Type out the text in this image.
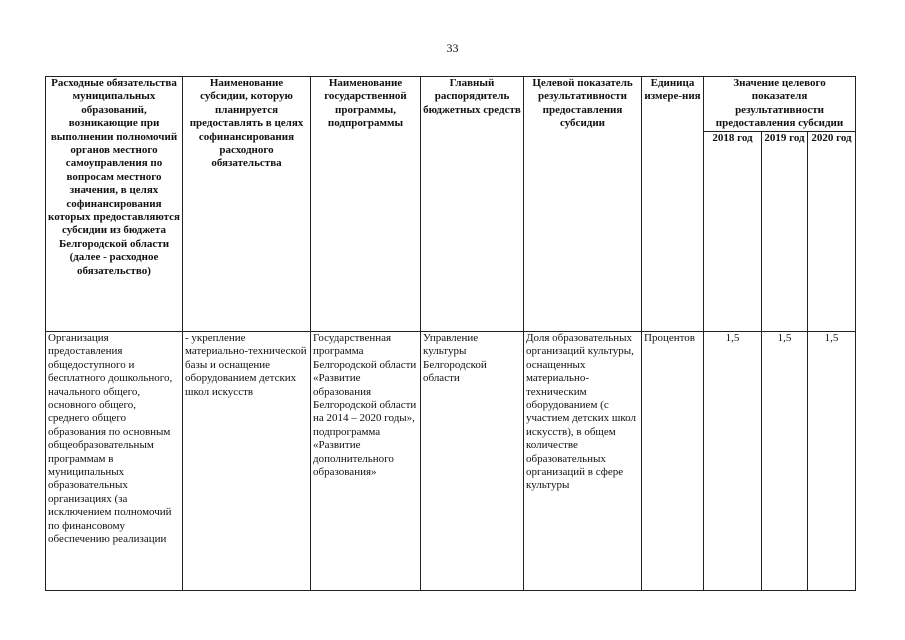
33
Расходные обязательства муниципальных образований, возникающие при выполнении полномочий органов местного самоуправления по вопросам местного значения, в целях софинансирования которых предоставляются субсидии из бюджета Белгородской области (далее - расходное обязательство)	Наименование субсидии, которую планируется предоставлять в целях софинансирования расходного обязательства	Наименование государственной программы, подпрограммы	Главный распорядитель бюджетных средств	Целевой показатель результативности предоставления субсидии	Единица измере-ния	Значение целевого показателя результативности предоставления субсидии		
						2018 год	2019 год	2020 год
Организация предоставления общедоступного и бесплатного дошкольного, начального общего, основного общего, среднего общего образования по основным общеобразовательным программам в муниципальных образовательных организациях (за исключением полномочий по финансовому обеспечению реализации	- укрепление материально-технической базы и оснащение оборудованием детских школ искусств	Государственная программа Белгородской области «Развитие образования Белгородской области на 2014 – 2020 годы», подпрограмма «Развитие дополнительного образования»	Управление культуры Белгородской области	Доля образовательных организаций культуры, оснащенных материально-техническим оборудованием (с участием детских школ искусств), в общем количестве образовательных организаций в сфере культуры	Процентов	1,5	1,5	1,5
